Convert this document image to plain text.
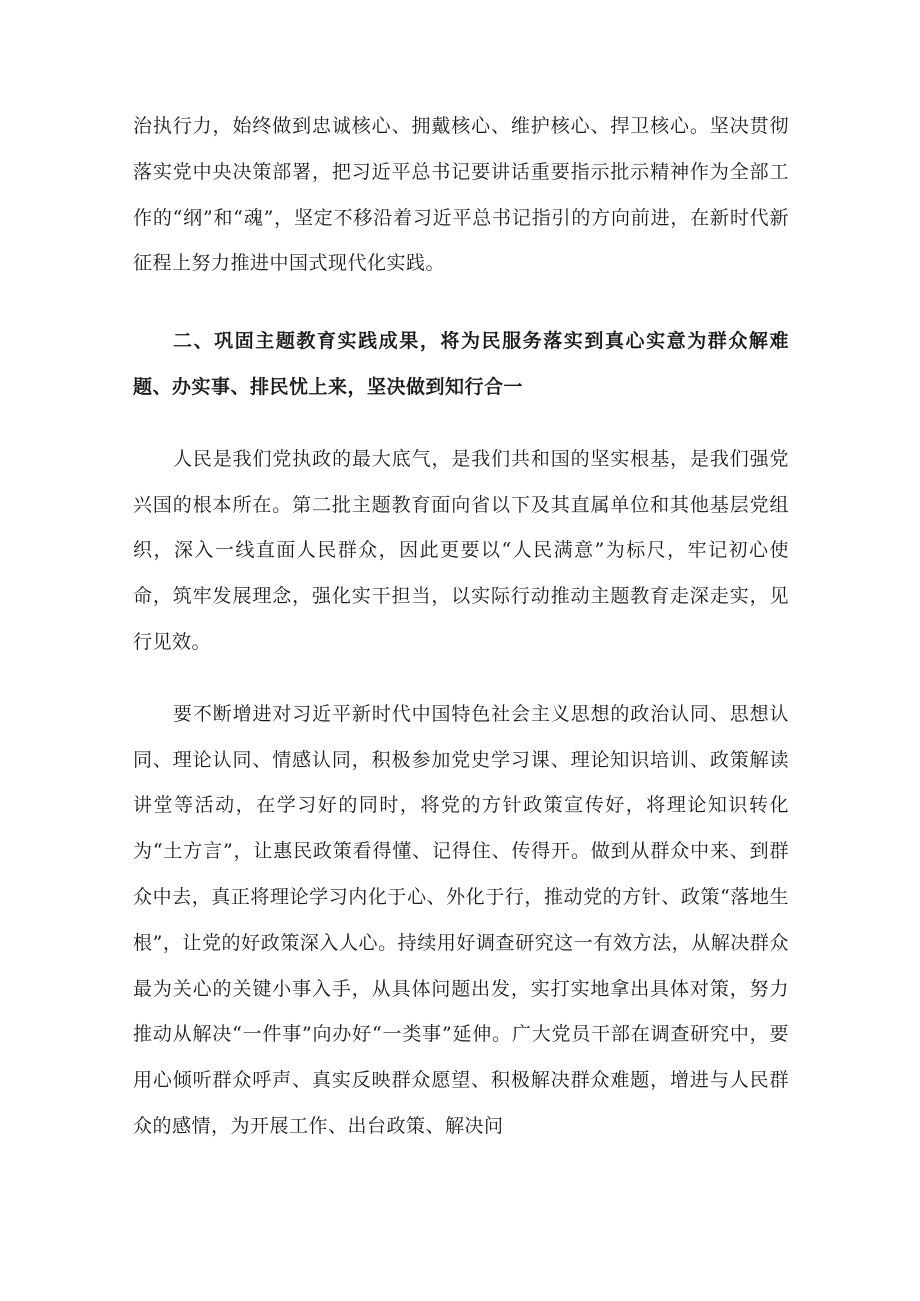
治执行力，始终做到忠诚核心、拥戴核心、维护核心、捍卫核心。坚决贯彻落实党中央决策部署，把习近平总书记要讲话重要指示批示精神作为全部工作的“纲”和“魂”，坚定不移沿着习近平总书记指引的方向前进，在新时代新征程上努力推进中国式现代化实践。

二、巩固主题教育实践成果，将为民服务落实到真心实意为群众解难题、办实事、排民忧上来，坚决做到知行合一

人民是我们党执政的最大底气，是我们共和国的坚实根基，是我们强党兴国的根本所在。第二批主题教育面向省以下及其直属单位和其他基层党组织，深入一线直面人民群众，因此更要以“人民满意”为标尺，牢记初心使命，筑牢发展理念，强化实干担当，以实际行动推动主题教育走深走实，见行见效。

要不断增进对习近平新时代中国特色社会主义思想的政治认同、思想认同、理论认同、情感认同，积极参加党史学习课、理论知识培训、政策解读讲堂等活动，在学习好的同时，将党的方针政策宣传好，将理论知识转化为“土方言”，让惠民政策看得懂、记得住、传得开。做到从群众中来、到群众中去，真正将理论学习内化于心、外化于行，推动党的方针、政策“落地生根”，让党的好政策深入人心。持续用好调查研究这一有效方法，从解决群众最为关心的关键小事入手，从具体问题出发，实打实地拿出具体对策，努力推动从解决“一件事”向办好“一类事”延伸。广大党员干部在调查研究中，要用心倾听群众呼声、真实反映群众愿望、积极解决群众难题，增进与人民群众的感情，为开展工作、出台政策、解决问
